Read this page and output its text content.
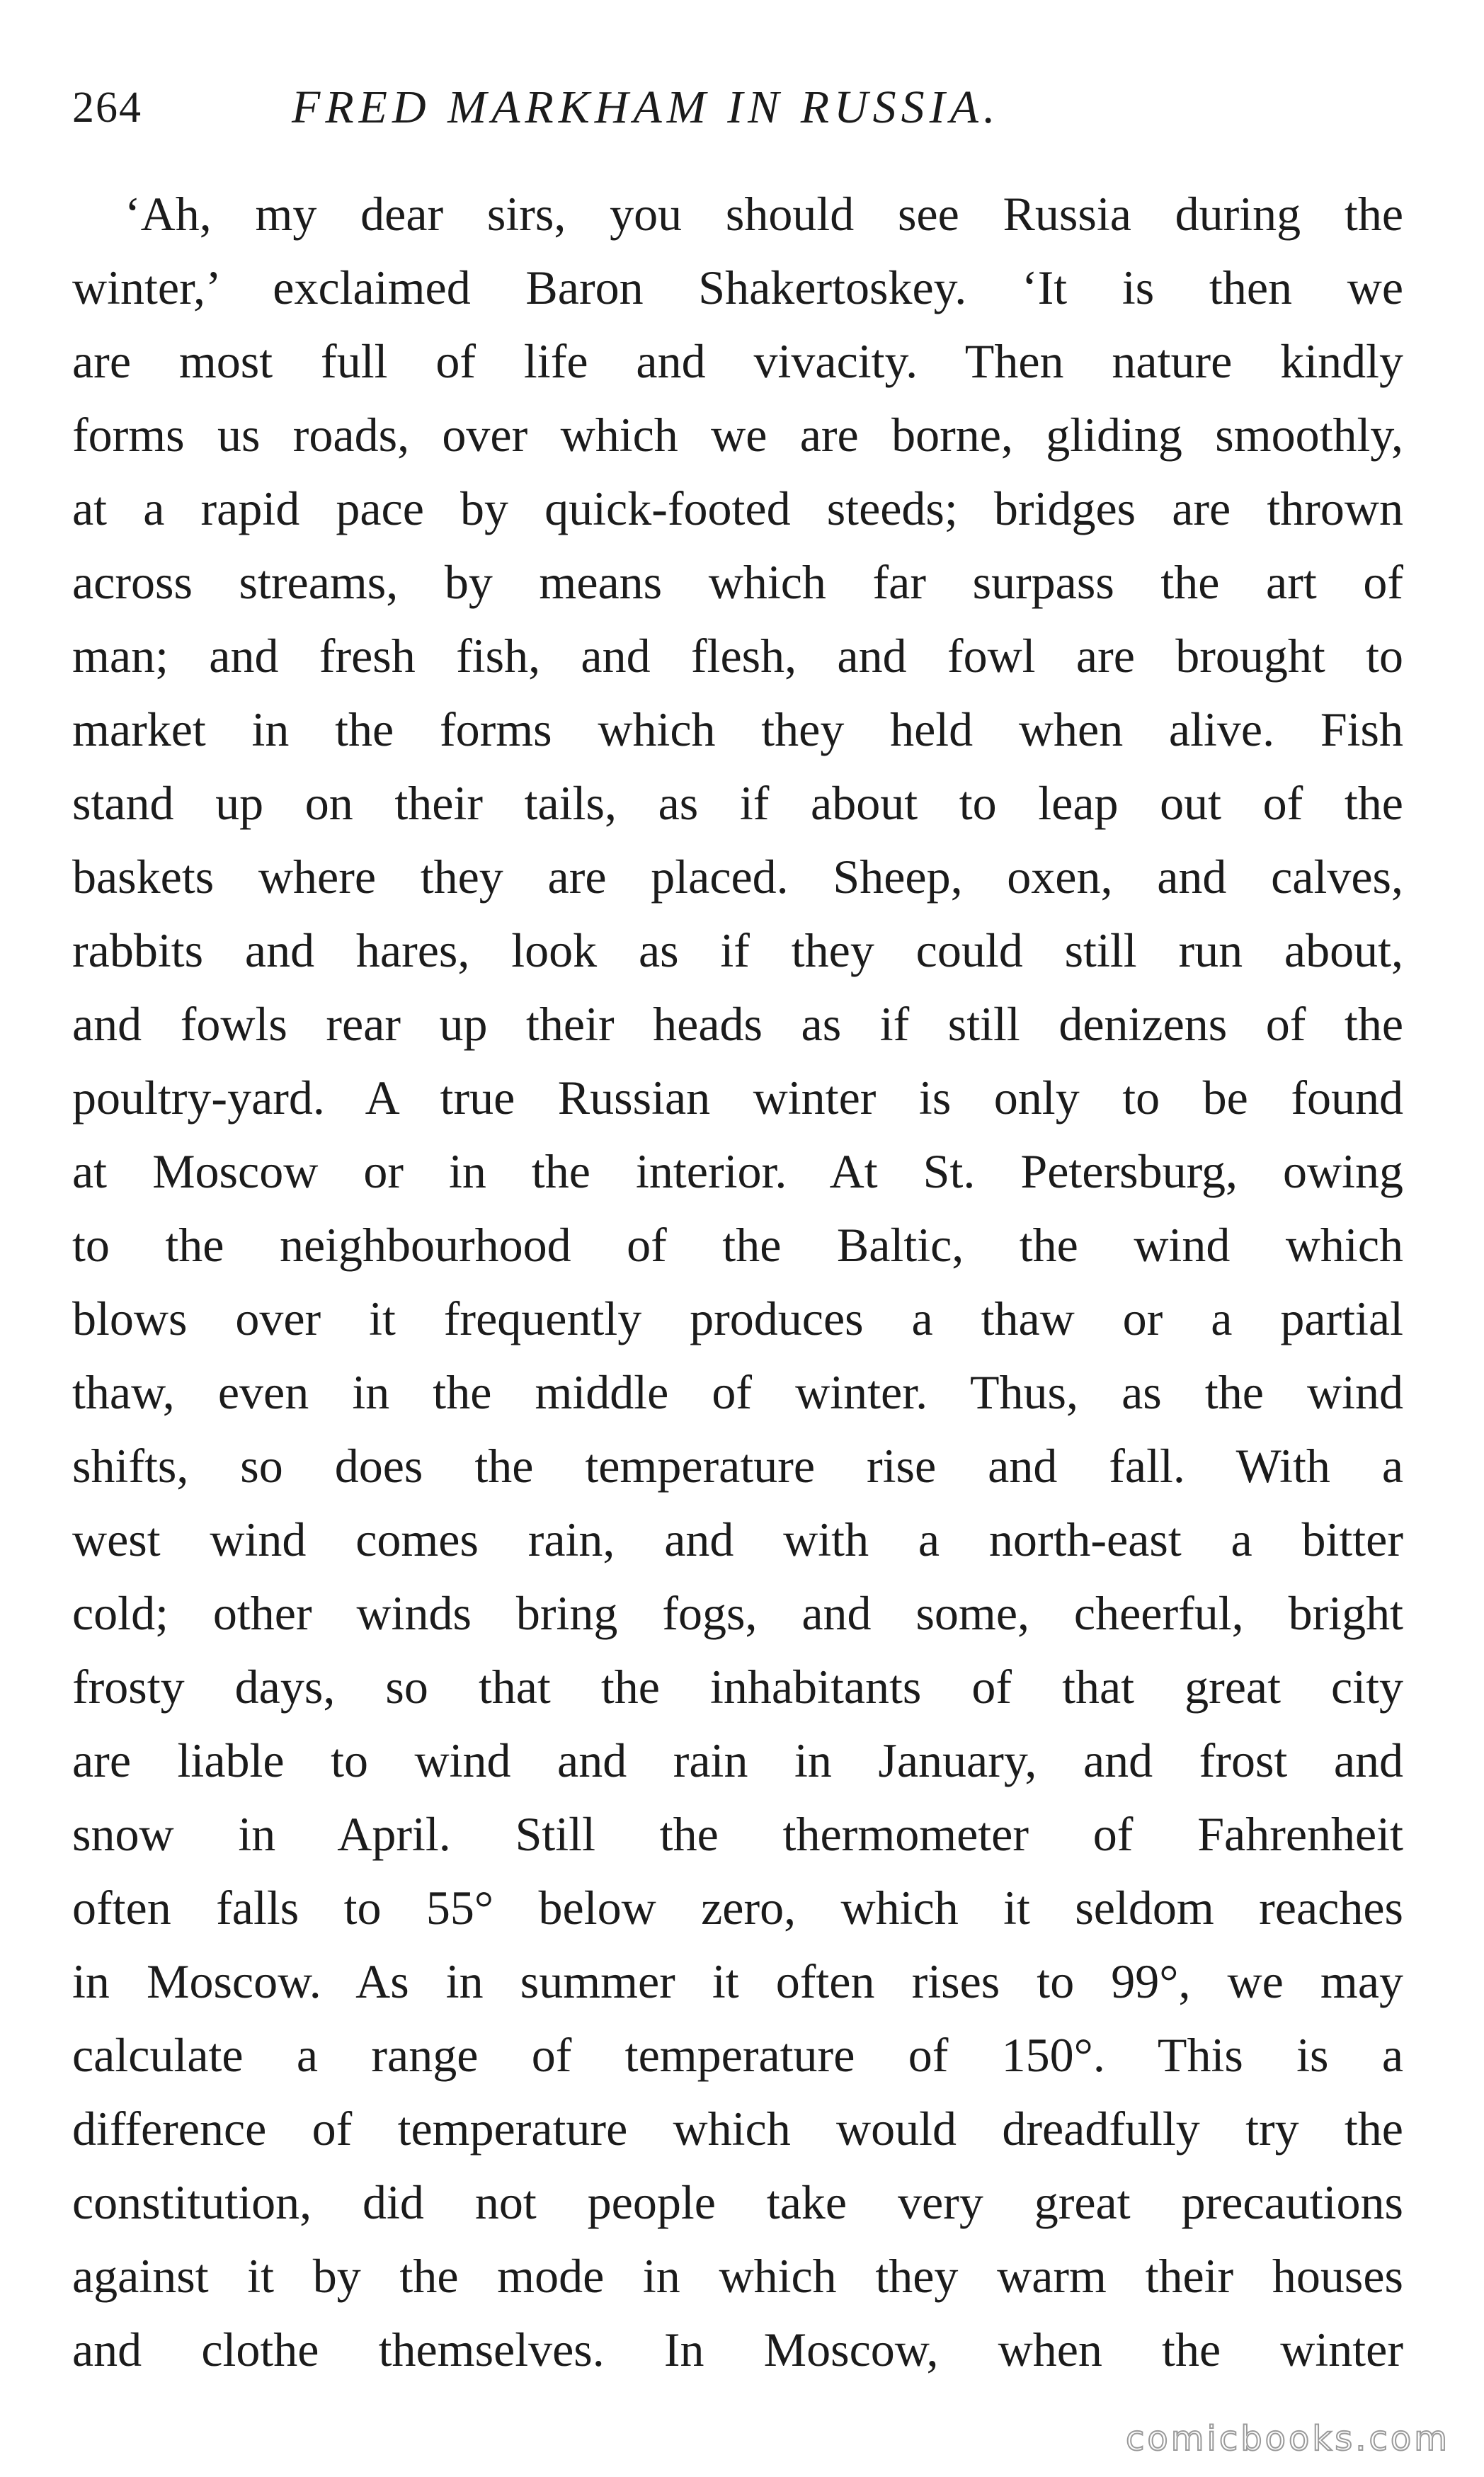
264	FRED MARKHAM IN RUSSIA.
‘Ah, my dear sirs, you should see Russia during the
winter,’ exclaimed Baron Shakertoskey. ‘It is then we
are most full of life and vivacity. Then nature kindly
forms us roads, over which we are borne, gliding smoothly,
at a rapid pace by quick-footed steeds; bridges are thrown
across streams, by means which far surpass the art of
man; and fresh fish, and flesh, and fowl are brought to
market in the forms which they held when alive. Fish
stand up on their tails, as if about to leap out of the
baskets where they are placed. Sheep, oxen, and calves,
rabbits and hares, look as if they could still run about,
and fowls rear up their heads as if still denizens of the
poultry-yard. A true Russian winter is only to be found
at Moscow or in the interior. At St. Petersburg, owing
to the neighbourhood of the Baltic, the wind which
blows over it frequently produces a thaw or a partial
thaw, even in the middle of winter. Thus, as the wind
shifts, so does the temperature rise and fall. With a
west wind comes rain, and with a north-east a bitter
cold; other winds bring fogs, and some, cheerful, bright
frosty days, so that the inhabitants of that great city
are liable to wind and rain in January, and frost and
snow in April. Still the thermometer of Fahrenheit
often falls to 55° below zero, which it seldom reaches
in Moscow. As in summer it often rises to 99°, we may
calculate a range of temperature of 150°. This is a
difference of temperature which would dreadfully try the
constitution, did not people take very great precautions
against it by the mode in which they warm their houses
and clothe themselves. In Moscow, when the winter
comicbooks.com
